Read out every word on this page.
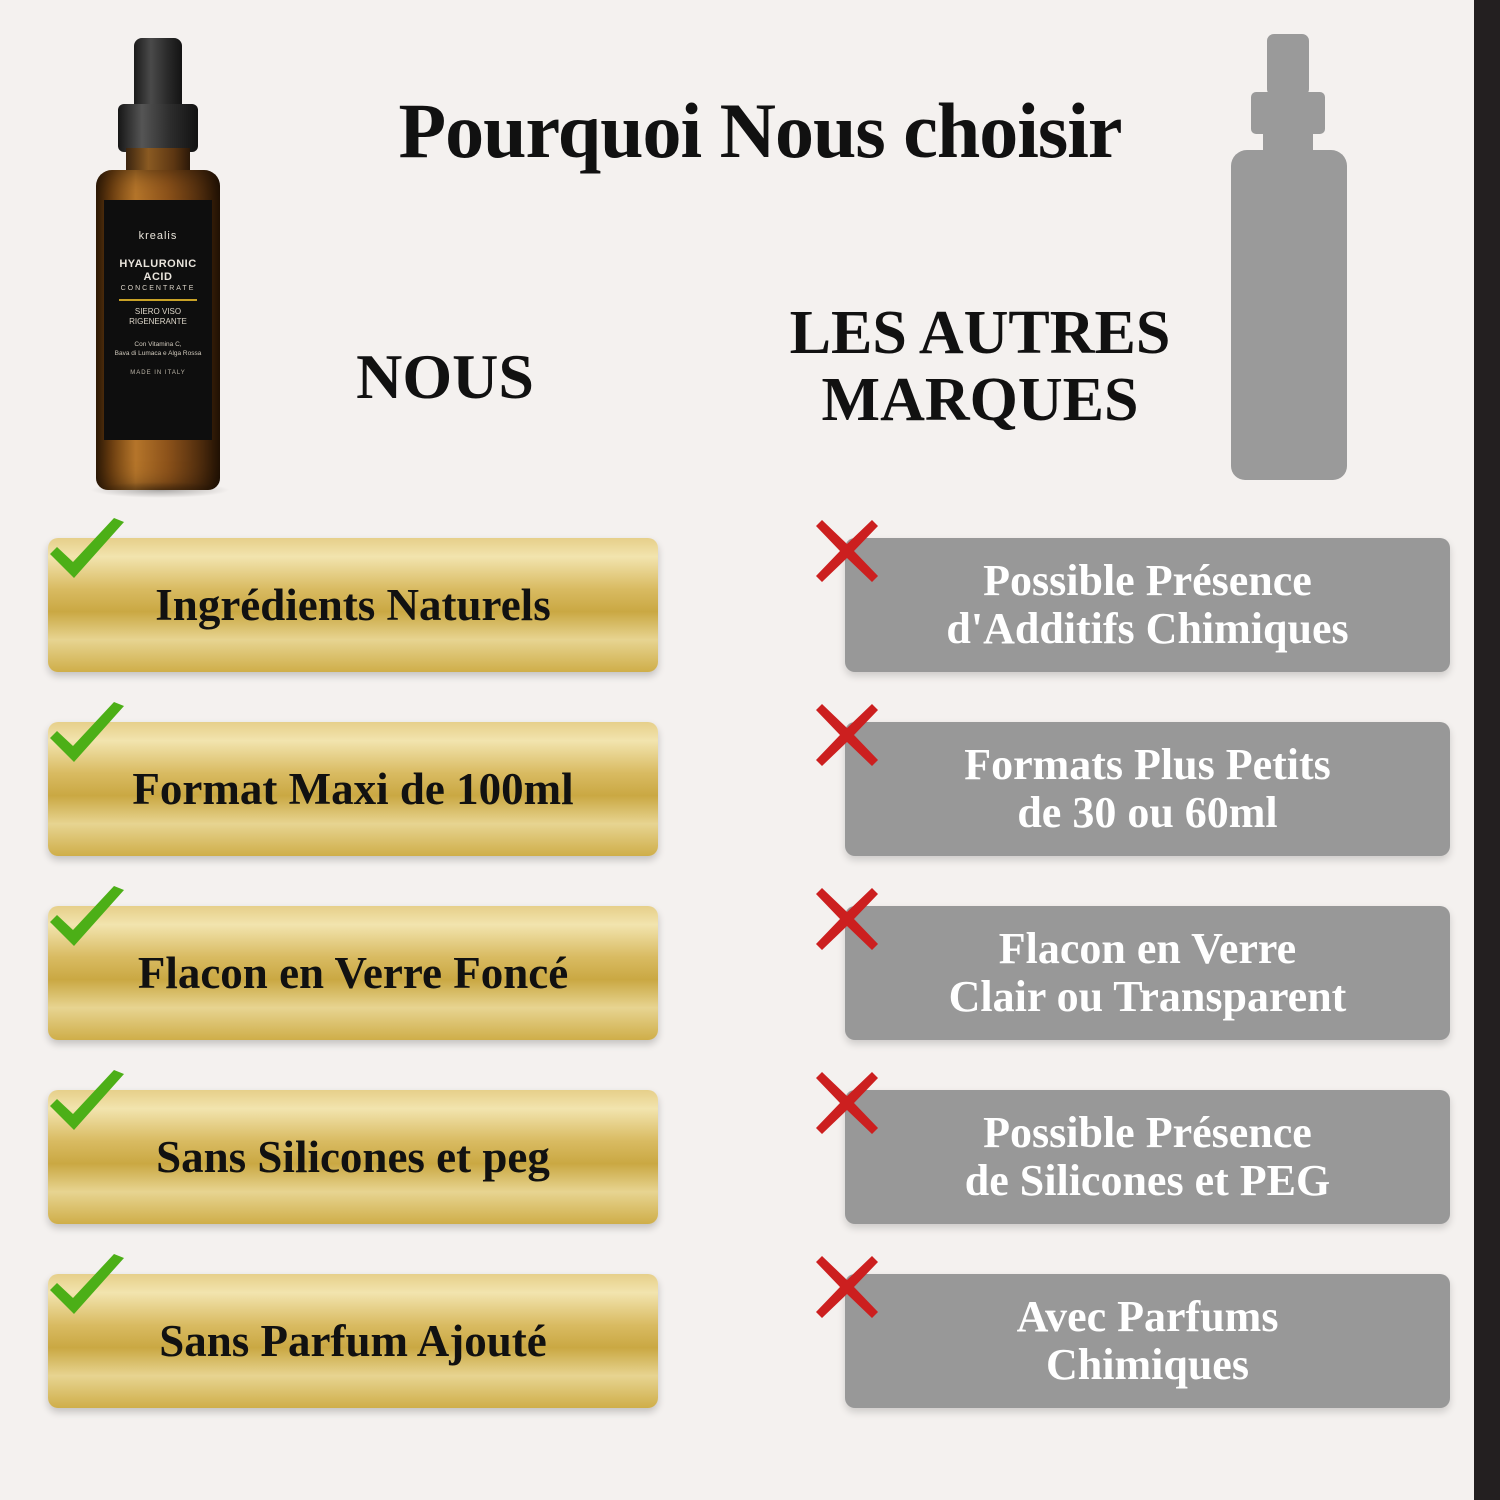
Pourquoi Nous choisir
krealis
HYALURONIC
ACID
CONCENTRATE
SIERO VISO
RIGENERANTE
Con Vitamina C,
Bava di Lumaca e Alga Rossa
MADE IN ITALY	NOUS
LES AUTRES
MARQUES
Ingrédients Naturels	Possible Présence
d'Additifs Chimiques
Format Maxi de 100ml	Formats Plus Petits
de 30 ou 60ml
Flacon en Verre Foncé	Flacon en Verre
Clair ou Transparent
Sans Silicones et peg	Possible Présence
de Silicones et PEG
Sans Parfum Ajouté	Avec Parfums
Chimiques
